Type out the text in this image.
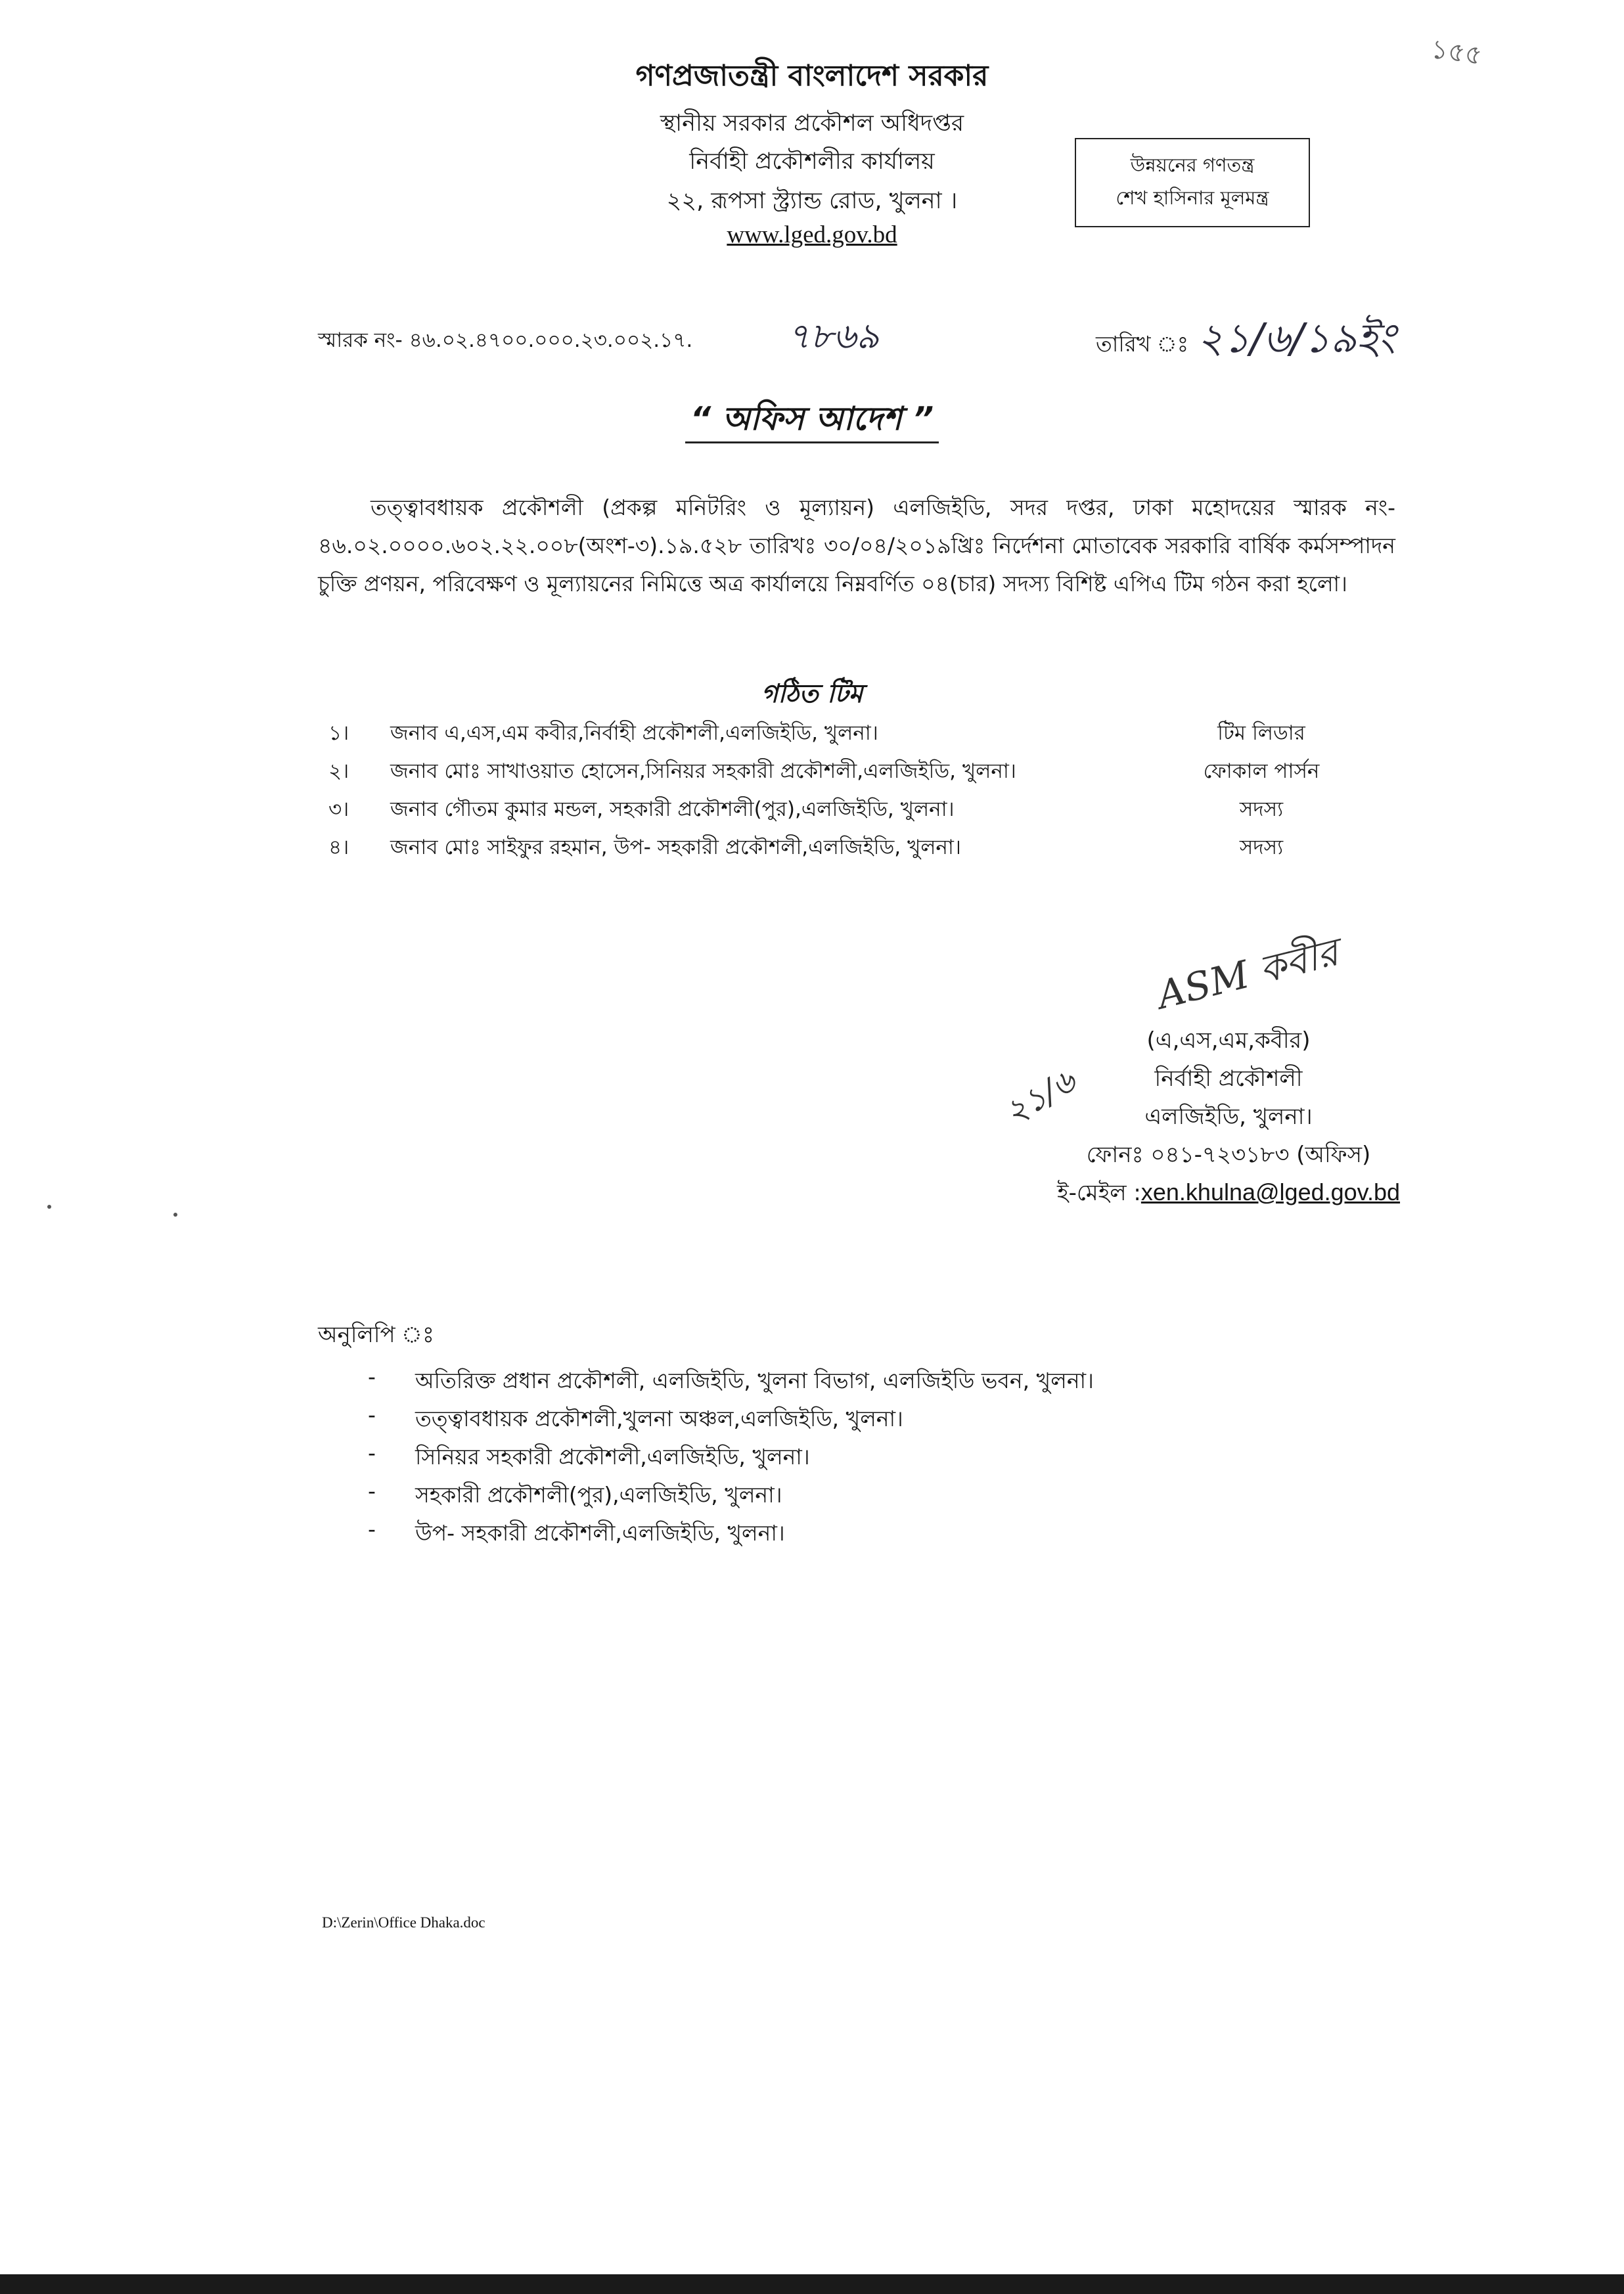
১৫৫
গণপ্রজাতন্ত্রী বাংলাদেশ সরকার
স্থানীয় সরকার প্রকৌশল অধিদপ্তর
নির্বাহী প্রকৌশলীর কার্যালয়
২২, রূপসা স্ট্র্যান্ড রোড, খুলনা ।
www.lged.gov.bd
উন্নয়নের গণতন্ত্র
শেখ হাসিনার মূলমন্ত্র
স্মারক নং- ৪৬.০২.৪৭০০.০০০.২৩.০০২.১৭.	৭৮৬৯	তারিখ ঃ ২১/৬/১৯ইং
“ অফিস আদেশ ”
তত্ত্বাবধায়ক প্রকৌশলী (প্রকল্প মনিটরিং ও মূল্যায়ন) এলজিইডি, সদর দপ্তর, ঢাকা মহোদয়ের স্মারক নং- ৪৬.০২.০০০০.৬০২.২২.০০৮(অংশ-৩).১৯.৫২৮ তারিখঃ ৩০/০৪/২০১৯খ্রিঃ নির্দেশনা মোতাবেক সরকারি বার্ষিক কর্মসম্পাদন চুক্তি প্রণয়ন, পরিবেক্ষণ ও মূল্যায়নের নিমিত্তে অত্র কার্যালয়ে নিম্নবর্ণিত ০৪(চার) সদস্য বিশিষ্ট এপিএ টিম গঠন করা হলো।
গঠিত টিম
১। জনাব এ,এস,এম কবীর,নির্বাহী প্রকৌশলী,এলজিইডি, খুলনা।	টিম লিডার
২। জনাব মোঃ সাখাওয়াত হোসেন,সিনিয়র সহকারী প্রকৌশলী,এলজিইডি, খুলনা।	ফোকাল পার্সন
৩। জনাব গৌতম কুমার মন্ডল, সহকারী প্রকৌশলী(পুর),এলজিইডি, খুলনা।	সদস্য
৪। জনাব মোঃ সাইফুর রহমান, উপ- সহকারী প্রকৌশলী,এলজিইডি, খুলনা।	সদস্য
ASM কবীর
২১/৬
(এ,এস,এম,কবীর)
নির্বাহী প্রকৌশলী
এলজিইডি, খুলনা।
ফোনঃ ০৪১-৭২৩১৮৩ (অফিস)
ই-মেইল :xen.khulna@lged.gov.bd
অনুলিপি ঃ
- অতিরিক্ত প্রধান প্রকৌশলী, এলজিইডি, খুলনা বিভাগ, এলজিইডি ভবন, খুলনা।
- তত্ত্বাবধায়ক প্রকৌশলী,খুলনা অঞ্চল,এলজিইডি, খুলনা।
- সিনিয়র সহকারী প্রকৌশলী,এলজিইডি, খুলনা।
- সহকারী প্রকৌশলী(পুর),এলজিইডি, খুলনা।
- উপ- সহকারী প্রকৌশলী,এলজিইডি, খুলনা।
D:\Zerin\Office Dhaka.doc
